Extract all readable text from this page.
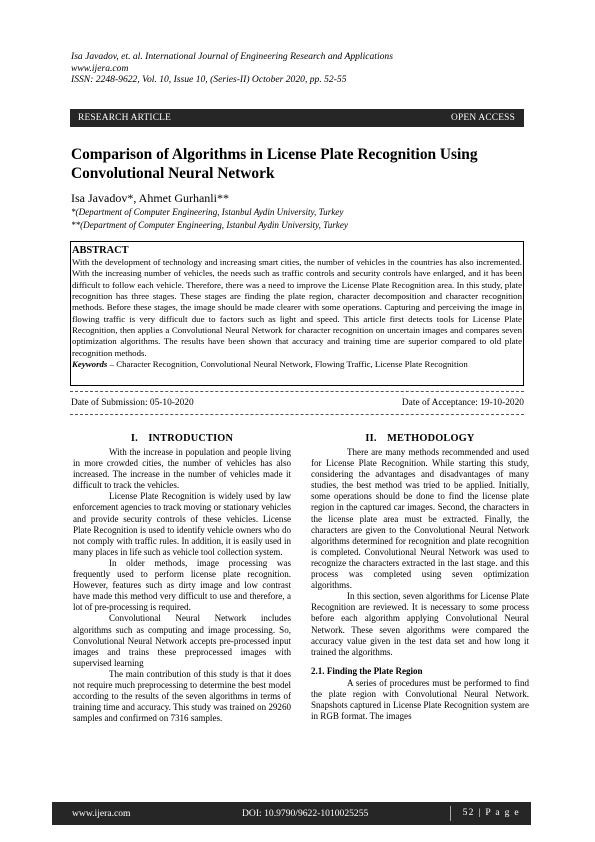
Isa Javadov, et. al. International Journal of Engineering Research and Applications
www.ijera.com
ISSN: 2248-9622, Vol. 10, Issue 10, (Series-II) October 2020, pp. 52-55
RESEARCH ARTICLE	OPEN ACCESS
Comparison of Algorithms in License Plate Recognition Using Convolutional Neural Network
Isa Javadov*, Ahmet Gurhanli**
*(Department of Computer Engineering, Istanbul Aydin University, Turkey
**(Department of Computer Engineering, Istanbul Aydin University, Turkey
ABSTRACT
With the development of technology and increasing smart cities, the number of vehicles in the countries has also incremented. With the increasing number of vehicles, the needs such as traffic controls and security controls have enlarged, and it has been difficult to follow each vehicle. Therefore, there was a need to improve the License Plate Recognition area. In this study, plate recognition has three stages. These stages are finding the plate region, character decomposition and character recognition methods. Before these stages, the image should be made clearer with some operations. Capturing and perceiving the image in flowing traffic is very difficult due to factors such as light and speed. This article first detects tools for License Plate Recognition, then applies a Convolutional Neural Network for character recognition on uncertain images and compares seven optimization algorithms. The results have been shown that accuracy and training time are superior compared to old plate recognition methods.
Keywords – Character Recognition, Convolutional Neural Network, Flowing Traffic, License Plate Recognition
Date of Submission: 05-10-2020	Date of Acceptance: 19-10-2020
I. INTRODUCTION

With the increase in population and people living in more crowded cities, the number of vehicles has also increased. The increase in the number of vehicles made it difficult to track the vehicles.

License Plate Recognition is widely used by law enforcement agencies to track moving or stationary vehicles and provide security controls of these vehicles. License Plate Recognition is used to identify vehicle owners who do not comply with traffic rules. In addition, it is easily used in many places in life such as vehicle tool collection system.

In older methods, image processing was frequently used to perform license plate recognition. However, features such as dirty image and low contrast have made this method very difficult to use and therefore, a lot of pre-processing is required.

Convolutional Neural Network includes algorithms such as computing and image processing. So, Convolutional Neural Network accepts pre-processed input images and trains these preprocessed images with supervised learning

The main contribution of this study is that it does not require much preprocessing to determine the best model according to the results of the seven algorithms in terms of training time and accuracy. This study was trained on 29260 samples and confirmed on 7316 samples.

II. METHODOLOGY

There are many methods recommended and used for License Plate Recognition. While starting this study, considering the advantages and disadvantages of many studies, the best method was tried to be applied. Initially, some operations should be done to find the license plate region in the captured car images. Second, the characters in the license plate area must be extracted. Finally, the characters are given to the Convolutional Neural Network algorithms determined for recognition and plate recognition is completed. Convolutional Neural Network was used to recognize the characters extracted in the last stage. and this process was completed using seven optimization algorithms.

In this section, seven algorithms for License Plate Recognition are reviewed. It is necessary to some process before each algorithm applying Convolutional Neural Network. These seven algorithms were compared the accuracy value given in the test data set and how long it trained the algorithms.

2.1. Finding the Plate Region

A series of procedures must be performed to find the plate region with Convolutional Neural Network. Snapshots captured in License Plate Recognition system are in RGB format. The images

www.ijera.com	DOI: 10.9790/9622-1010025255	52 | P a g e
